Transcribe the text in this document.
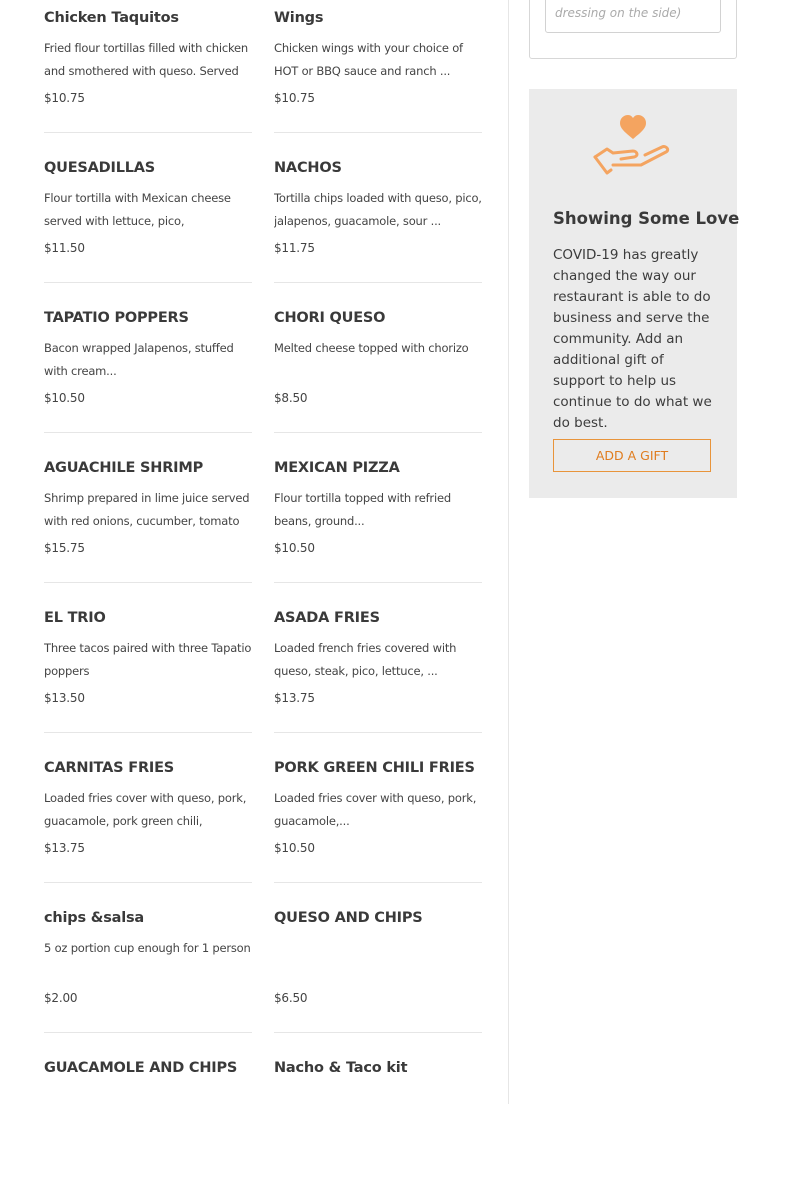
Chicken Taquitos
Fried flour tortillas filled with chicken and smothered with queso. Served
$10.75
Wings
Chicken wings with your choice of HOT or BBQ sauce and ranch ...
$10.75
QUESADILLAS
Flour tortilla with Mexican cheese served with lettuce, pico,
$11.50
NACHOS
Tortilla chips loaded with queso, pico, jalapenos, guacamole, sour ...
$11.75
TAPATIO POPPERS
Bacon wrapped Jalapenos, stuffed with cream...
$10.50
CHORI QUESO
Melted cheese topped with chorizo
$8.50
AGUACHILE SHRIMP
Shrimp prepared in lime juice served with red onions, cucumber, tomato
$15.75
MEXICAN PIZZA
Flour tortilla topped with refried beans, ground...
$10.50
EL TRIO
Three tacos paired with three Tapatio poppers
$13.50
ASADA FRIES
Loaded french fries covered with queso, steak, pico, lettuce, ...
$13.75
CARNITAS FRIES
Loaded fries cover with queso, pork, guacamole, pork green chili,
$13.75
PORK GREEN CHILI FRIES
Loaded fries cover with queso, pork, guacamole,...
$10.50
chips &salsa
5 oz portion cup enough for 1 person
$2.00
QUESO AND CHIPS
$6.50
GUACAMOLE AND CHIPS	Nacho & Taco kit
dressing on the side)
Showing Some Love
COVID-19 has greatly changed the way our restaurant is able to do business and serve the community. Add an additional gift of support to help us continue to do what we do best.
ADD A GIFT
